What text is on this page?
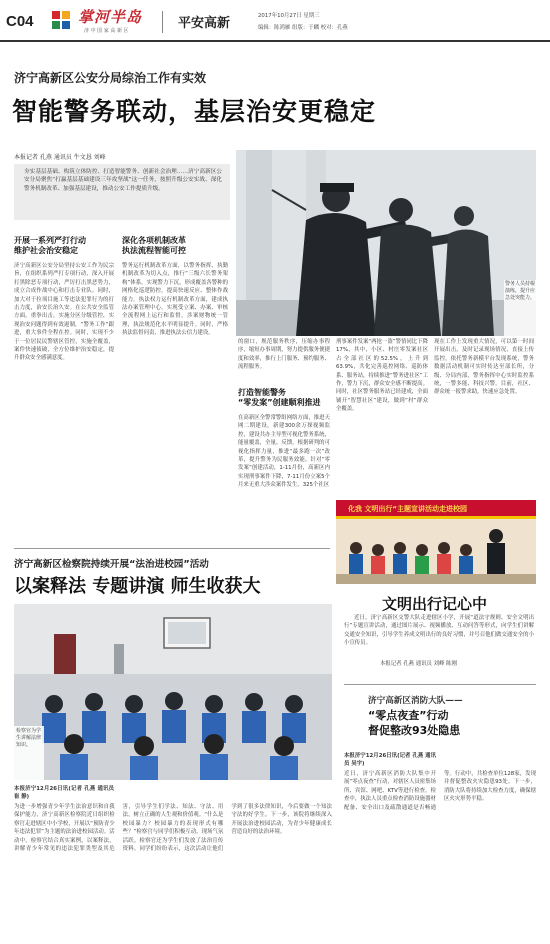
C04	掌河半岛
济 中 国 家 高 新 区	平安高新	2017年10月27日 星期三
编辑：陈鸿雁 组版：于麟 校对：孔燕
济宁高新区公安分局综治工作有实效
智能警务联动，基层治安更稳定
本报记者 孔燕 通讯员 牛文恳 刘峰
夯实基层基础、构筑立体防控、打造智能警务、创新社会治理……济宁高新区公安分局聚焦“打赢基层基础建设三年攻坚战”这一任务，按照升级公安实战、深化警务机制改革、加强基层建设，推动公安工作提质升级。
开展一系列严打行动
维护社会治安稳定
济宁高新区公安分局坚持公安工作为民宗旨，在组织系列严打专项行动，深入开展打黑除恶专项行动，严厉打击黑恶势力，成立合成作战中心和打击专业队。同时，加大对于拉项目施工等违法犯罪行为的打击力度，治安长治久安。在公共安全监管方面，重拳出击，实施分区分级管控，实现治安问题得到有效遏制，“警务工作”跟进，重大事件全程在控。同时，实现不少于一位居民民警辖区管控，实施全覆盖，案件快速侦破，全方位维护治安稳定，提升群众安全感满意度。
深化各项机制改革
执法流程智能可控
警务运行机制改革方面，以警务指挥、执勤机制改革为切入点，推行“三级六长警务架构”体系，实现警力下沉，形成覆盖各警种的网格化巡逻防控，提高快速反应、整体作战能力。执法权力运行机制改革方面，建成执法办案管理中心，实现受立案、办案、审核全流程网上运行和监督，涉案财物统一管理，执法规范化水平明显提升。同时，严格执法监督问责，推进执法公信力建设。
警务人员持棍演练，提升应急处突能力。
的窗口，规范服务秩序，压缩办事程序，缩短办事周期，努力提供服务便捷度和效率，推行上门服务、预约服务、流程服务。
打造智能警务
“零发案”创建顺利推进
在高新区全警常警组网络方面，推进天网二期建设，新建300余万探视频监控，建设共办主导型可视化警务系统，能量覆盖，全量、反馈，根据研判的可视化指挥力量，推进“最多跑一次”改革，提升警务为民服务效能。针对“零发案”创建活动，1-11月份，高新区内实现刑事案件下降，7-11月份立案5个月来无重大涉众案件发生，325个社区
刑事案件发案“两抢一盗”警情同比下降17%，其中，小区、村庄零发案社区占全部社区的52.5%，上升到63.9%，共化完善巡控网络、巡防体系、服务站，持续推进“警务进社区”工作，警力下沉，群众安全感不断提高。同时，社区警务服务站已经建成，全面铺开“智慧社区”建设，做到“村”群众全覆盖。
现在工作上发现重大情况，可以第一时间开展出击，及时记录现场情况，直接上传监控，依托警务新模平台发现系统，警务数据活动机制可实时传达至部长所，分级、分局内部，警务指挥中心实时监控系统，一警多能、科技兴警。目前，社区、群众统一报警求助，快速应急处置。
化我 文明出行“主题宣讲活动走进校园
济宁高新区检察院持续开展“法治进校园”活动
以案释法 专题讲演 师生收获大
检察官为学生讲解法律知识。
本报济宁12月26日讯(记者 孔燕 通讯员 崔 静)
为进一步增强青少年学生法治意识和自我保护能力，济宁高新区检察院近日组织检察官走进辖区中小学校，开展以“预防青少年违法犯罪”为主题的法治进校园活动。活动中，检察官结合真实案例，以案释法，讲解青少年常见的违法犯罪类型及其危害，引导学生们学法、知法、守法、用法，树立正确的人生观和价值观。“什么是校园暴力？校园暴力的表现形式有哪些？”检察官与同学们积极互动，现场气氛活跃。检察官还为学生们发放了法治宣传资料。同学们纷纷表示，这次活动让他们学到了很多法律知识，今后要做一个知法守法的好学生。下一步，该院将继续深入开展法治进校园活动，为青少年健康成长营造良好的法治环境。
文明出行记心中
近日，济宁高新区交警大队走进辖区小学，开展“道法守规则、安全文明出行”专题宣讲活动，通过图片展示、视频播放、互动问答等形式，向学生们讲解交通安全知识，引导学生养成文明出行的良好习惯，并号召他们做交通安全的小小宣传员。
本报记者 孔燕 通讯员 刘峰 陈刚
济宁高新区消防大队——
“零点夜查”行动
督促整改93处隐患
本报济宁12月26日讯(记者 孔燕 通讯员 吴宇)
近日，济宁高新区消防大队集中开展“零点夜查”行动，对辖区人员密集场所、宾馆、网吧、KTV等进行检查。检查中，执法人员重点检查消防设施器材配备、安全出口及疏散通道是否畅通等。行动中，共检查单位128家，发现并督促整改火灾隐患93处。下一步，消防大队将持续加大检查力度，确保辖区火灾形势平稳。
